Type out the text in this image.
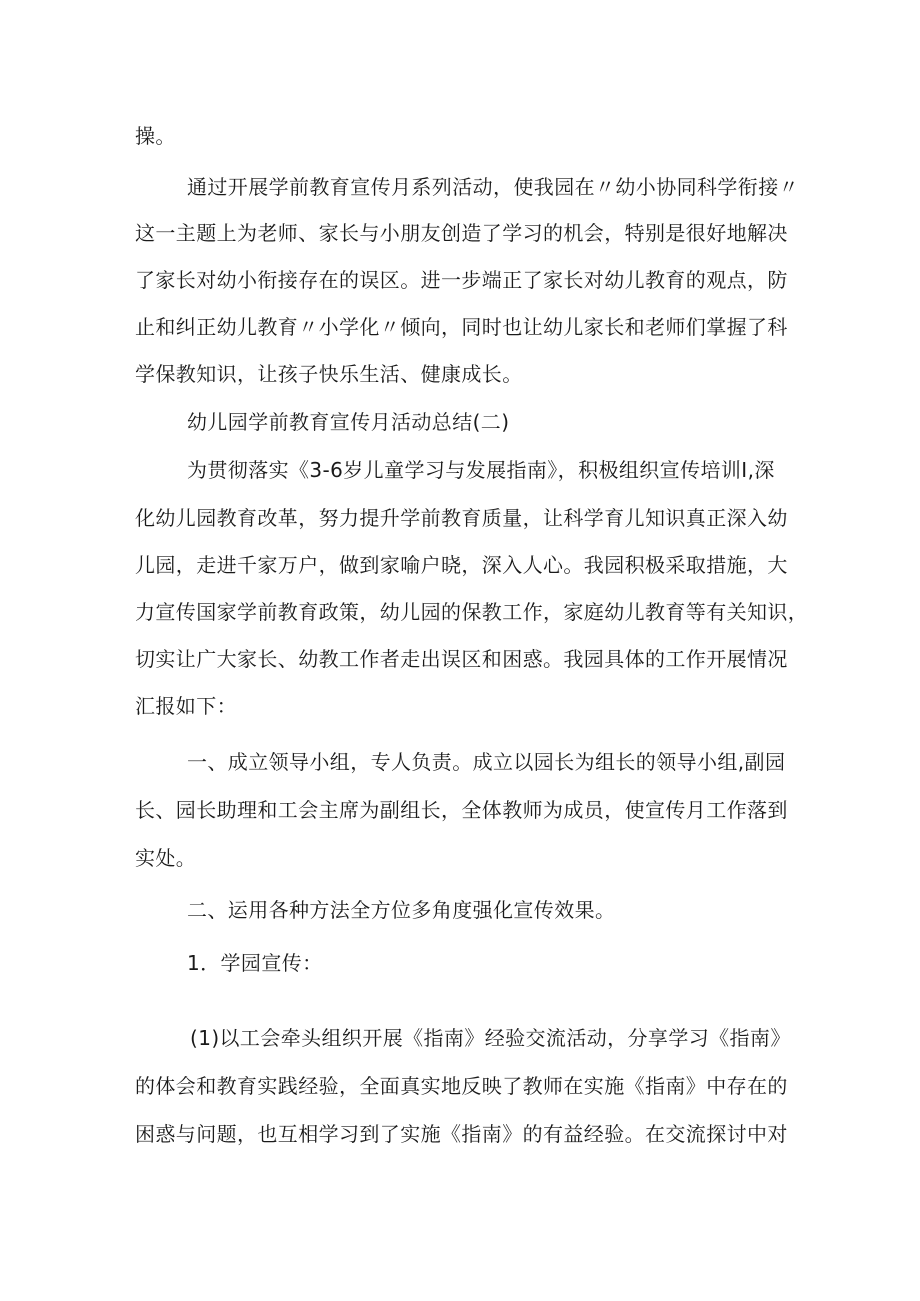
操。
通过开展学前教育宣传月系列活动，使我园在〃幼小协同科学衔接〃
这一主题上为老师、家长与小朋友创造了学习的机会，特别是很好地解决
了家长对幼小衔接存在的误区。进一步端正了家长对幼儿教育的观点，防
止和纠正幼儿教育〃小学化〃倾向，同时也让幼儿家长和老师们掌握了科
学保教知识，让孩子快乐生活、健康成长。
幼儿园学前教育宣传月活动总结(二)
为贯彻落实《3-6岁儿童学习与发展指南》，积极组织宣传培训I,深
化幼儿园教育改革，努力提升学前教育质量，让科学育儿知识真正深入幼
儿园，走进千家万户，做到家喻户晓，深入人心。我园积极采取措施，大
力宣传国家学前教育政策，幼儿园的保教工作，家庭幼儿教育等有关知识，
切实让广大家长、幼教工作者走出误区和困惑。我园具体的工作开展情况
汇报如下：
一、成立领导小组，专人负责。成立以园长为组长的领导小组,副园
长、园长助理和工会主席为副组长，全体教师为成员，使宣传月工作落到
实处。
二、运用各种方法全方位多角度强化宣传效果。
1．学园宣传：
(1)以工会牵头组织开展《指南》经验交流活动，分享学习《指南》
的体会和教育实践经验，全面真实地反映了教师在实施《指南》中存在的
困惑与问题，也互相学习到了实施《指南》的有益经验。在交流探讨中对
